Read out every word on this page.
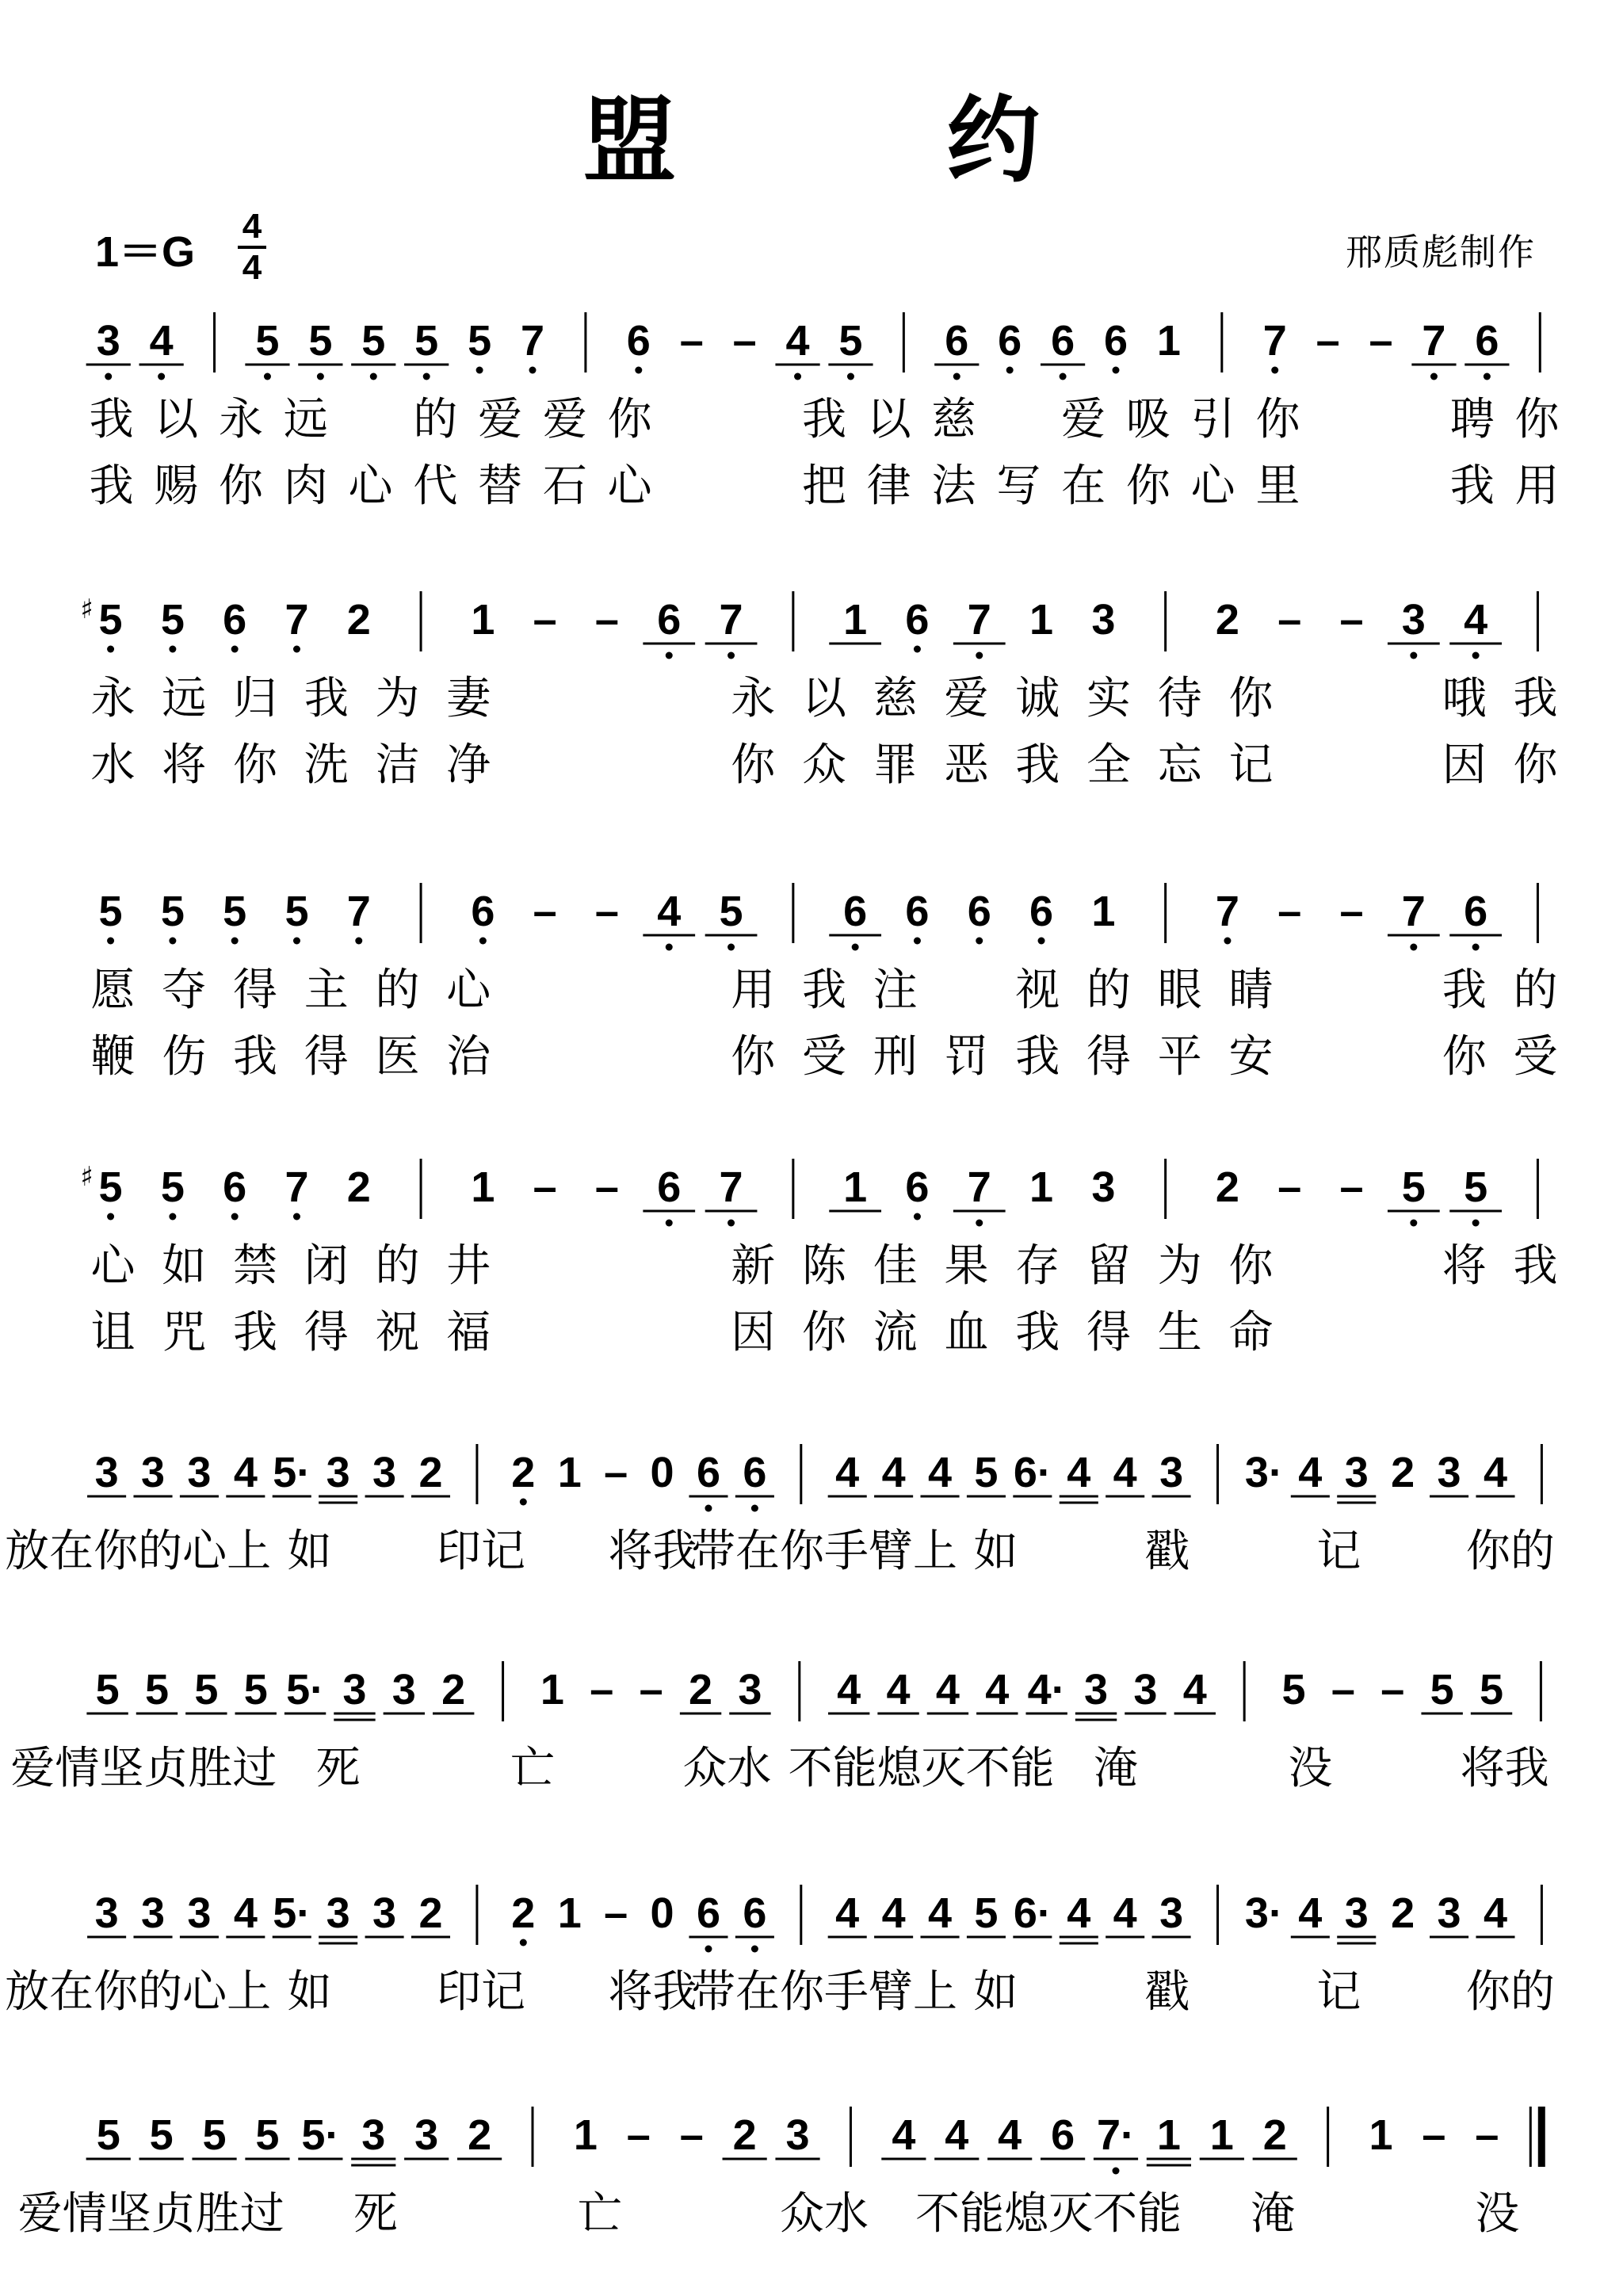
盟 约
1＝G
4
4	邢质彪制作
3 4 5 5 5 5 5 7 6 – – 4 5 6 6 6 6 1 7 – – 7 6
我 以 永 远 的 爱 爱 你	我 以 慈 爱 吸 引 你	聘 你
我 赐 你 肉 心 代 替 石 心	把 律 法 写 在 你 心 里	我 用
5
♯ 5 6 7 2 1 – – 6 7 1 6 7 1 3 2 – – 3 4
永 远 归 我 为 妻	永 以 慈 爱 诚 实 待 你	哦 我
水 将 你 洗 洁 净	你 众 罪 恶 我 全 忘 记	因 你
5 5 5 5 7 6 – – 4 5 6 6 6 6 1 7 – – 7 6
愿 夺 得 主 的 心	用 我 注 视 的 眼 睛	我 的
鞭 伤 我 得 医 治	你 受 刑 罚 我 得 平 安	你 受
5
♯ 5 6 7 2 1 – – 6 7 1 6 7 1 3 2 – – 5 5
心 如 禁 闭 的 井	新 陈 佳 果 存 留 为 你	将 我
诅 咒 我 得 祝 福	因 你 流 血 我 得 生 命
3 3 3 4 5· 3 3 2 2 1 – 0 6 6 4 4 4 5 6· 4 4 3 3· 4 3 2 3 4
放在你的心上 如 印记 将我
带在你手臂上 如	戳	记 你的
5 5 5 5 5· 3 3 2 1 – – 2 3 4 4 4 4 4· 3 3 4 5 – – 5 5
爱情坚贞胜过 死	亡	众水 不能熄灭不能 淹	没	将我
3 3 3 4 5· 3 3 2 2 1 – 0 6 6 4 4 4 5 6· 4 4 3 3· 4 3 2 3 4
放在你的心上 如 印记 将我
带在你手臂上 如	戳	记 你的
5 5 5 5 5· 3 3 2 1 – – 2 3 4 4 4 6 7· 1 1 2 1 – –
爱情坚贞胜过 死	亡	众水 不能熄灭不能 淹	没
